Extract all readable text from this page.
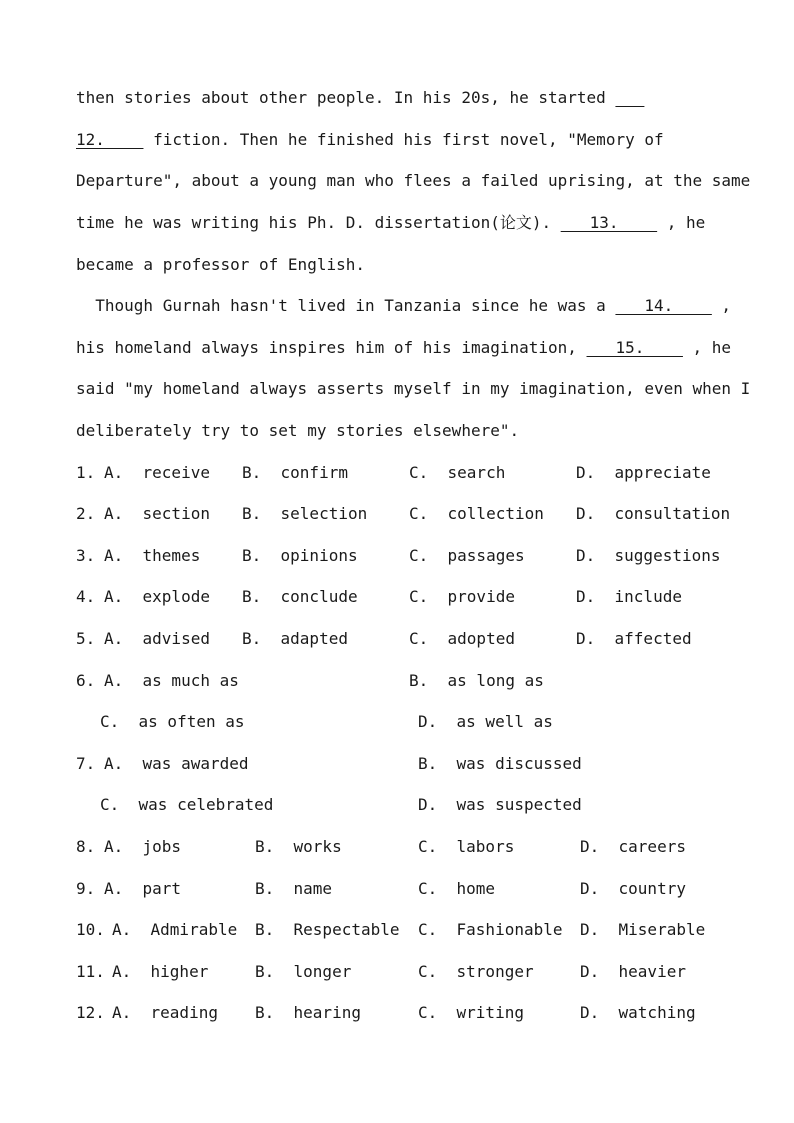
then stories about other people. In his 20s, he started ___
12.____ fiction. Then he finished his first novel, "Memory of
Departure", about a young man who flees a failed uprising, at the same
time he was writing his Ph. D. dissertation(论文). ___13.____ , he
became a professor of English.
Though Gurnah hasn't lived in Tanzania since he was a ___14.____ ,
his homeland always inspires him of his imagination, ___15.____ , he
said "my homeland always asserts myself in my imagination, even when I
deliberately try to set my stories elsewhere".
1. A.  receive B.  confirm	C.  search	D.  appreciate
2. A.  section B.  selection	C.  collection D.  consultation
3. A.  themes	B.  opinions	C.  passages	D.  suggestions
4. A.  explode B.  conclude	C.  provide	D.  include
5. A.  advised B.  adapted	C.  adopted	D.  affected
6. A.  as much as	B.  as long as
C.  as often as	D.  as well as
7. A.  was awarded	B.  was discussed
C.  was celebrated	D.  was suspected
8. A.  jobs	B.  works	C.  labors	D.  careers
9. A.  part	B.  name	C.  home	D.  country
10. A.  Admirable B.  Respectable C.  Fashionable D.  Miserable
11. A.  higher	B.  longer	C.  stronger	D.  heavier
12. A.  reading B.  hearing	C.  writing	D.  watching
